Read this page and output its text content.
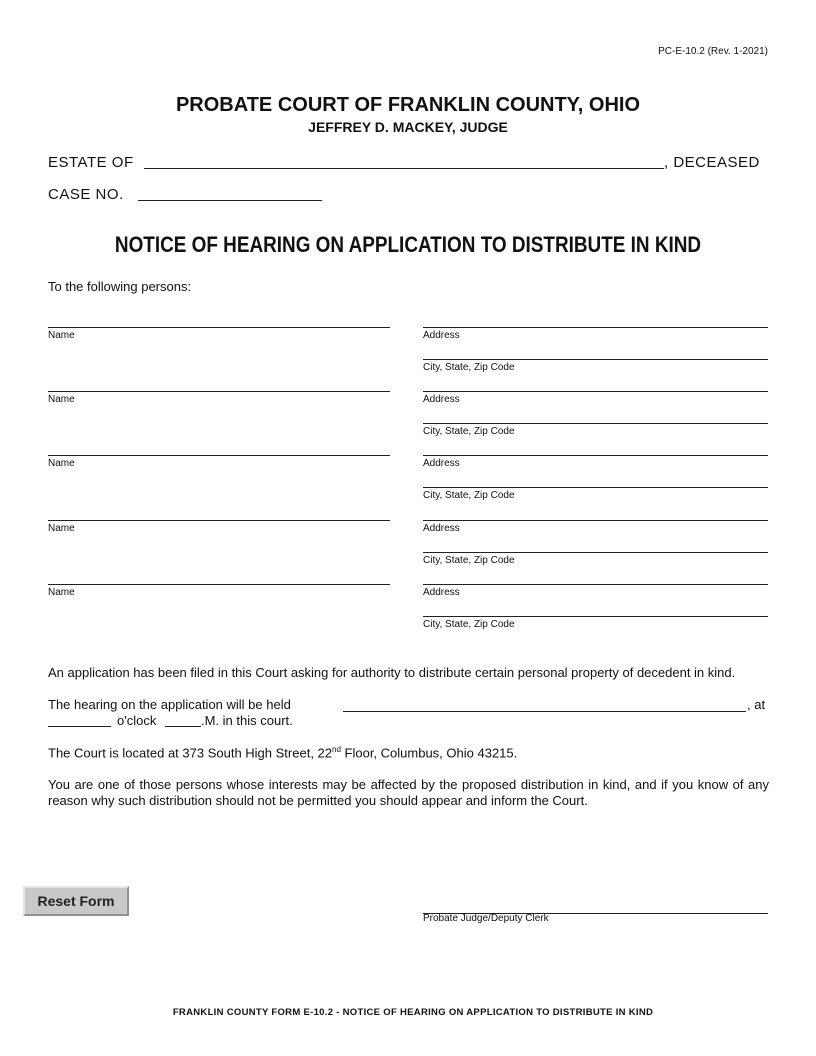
PC-E-10.2 (Rev. 1-2021)
PROBATE COURT OF FRANKLIN COUNTY, OHIO
JEFFREY D. MACKEY, JUDGE
ESTATE OF	, DECEASED
CASE NO.
NOTICE OF HEARING ON APPLICATION TO DISTRIBUTE IN KIND
To the following persons:
Name	Address
City, State, Zip Code
Name	Address
City, State, Zip Code
Name	Address
City, State, Zip Code
Name	Address
City, State, Zip Code
Name	Address
City, State, Zip Code
An application has been filed in this Court asking for authority to distribute certain personal property of decedent in kind.
The hearing on the application will be held	, at
o'clock	.M. in this court.
The Court is located at 373 South High Street, 22nd Floor, Columbus, Ohio 43215.
You are one of those persons whose interests may be affected by the proposed distribution in kind, and if you know of any reason why such distribution should not be permitted you should appear and inform the Court.
Reset Form
Probate Judge/Deputy Clerk
FRANKLIN COUNTY FORM E-10.2 - NOTICE OF HEARING ON APPLICATION TO DISTRIBUTE IN KIND
